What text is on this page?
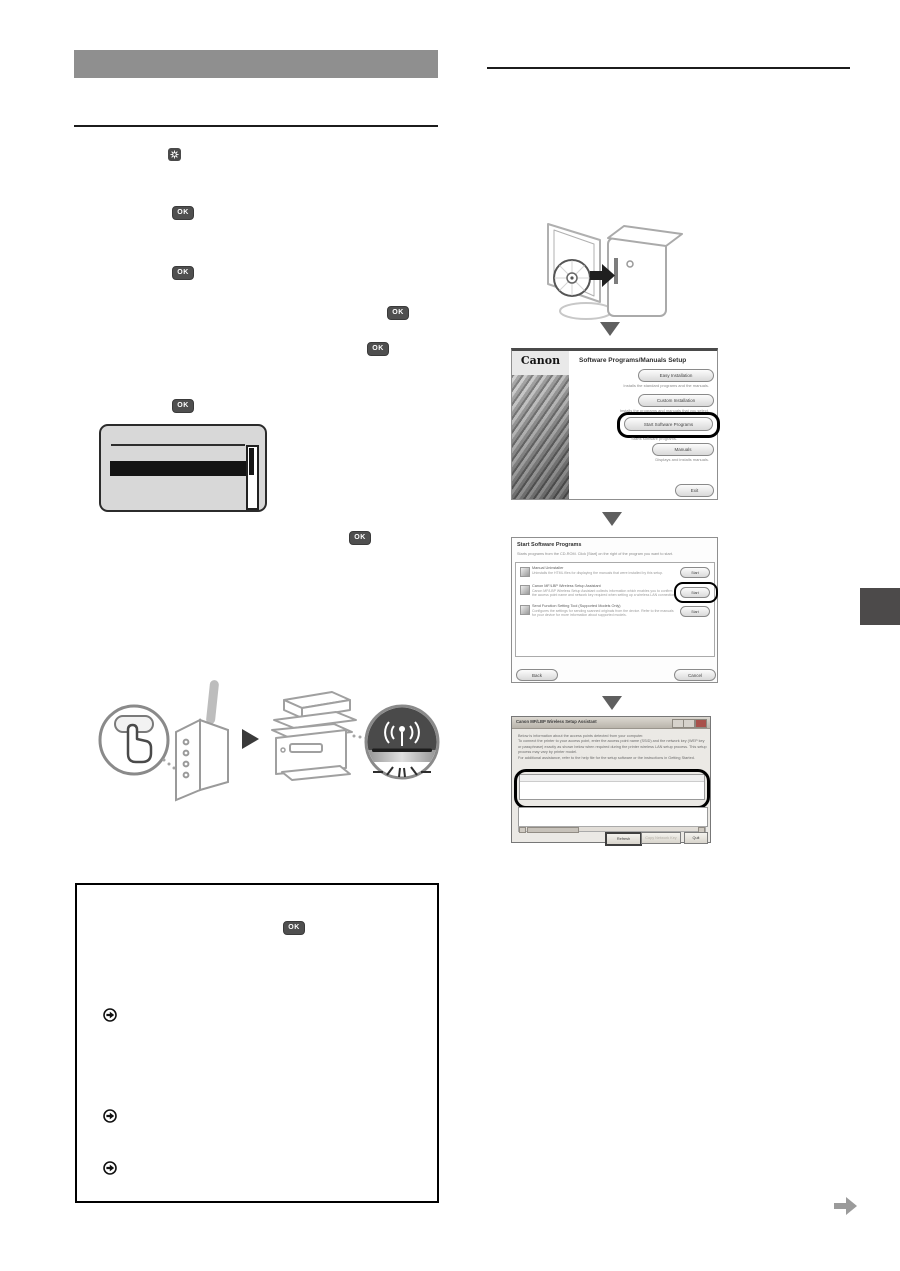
OK
OK
OK
OK
OK
OK
OK
Canon	Software Programs/Manuals Setup
Easy Installation
Installs the standard programs and the manuals.
Custom Installation
Installs the programs and manuals that you select.
Start Software Programs
Starts software programs.
Manuals
Displays and installs manuals.
Exit
Start Software Programs
Starts programs from the CD-ROM. Click [Start] on the right of the program you want to start.
Manual Uninstaller
Uninstalls the HTML files for displaying the manuals that were installed by this setup.	Start
Canon MF/LBP Wireless Setup Assistant
Canon MF/LBP Wireless Setup Assistant collects information which enables you to confirm the access point name and network key required when setting up a wireless LAN connection.
Start
Send Function Setting Tool (Supported Models Only)
Configures the settings for sending scanned originals from the device. Refer to the manuals for your device for more information about supported models.
Start
Back	Cancel
Canon MF/LBP Wireless Setup Assistant
Below is information about the access points detected from your computer.
To connect the printer to your access point, enter the access point name (SSID) and the network key (WEP key
or passphrase) exactly as shown below when required during the printer wireless LAN setup process. This setup
process may vary by printer model.
For additional assistance, refer to the help file for the setup software or the instructions in Getting Started.
Refresh	Copy Network Key	Quit
